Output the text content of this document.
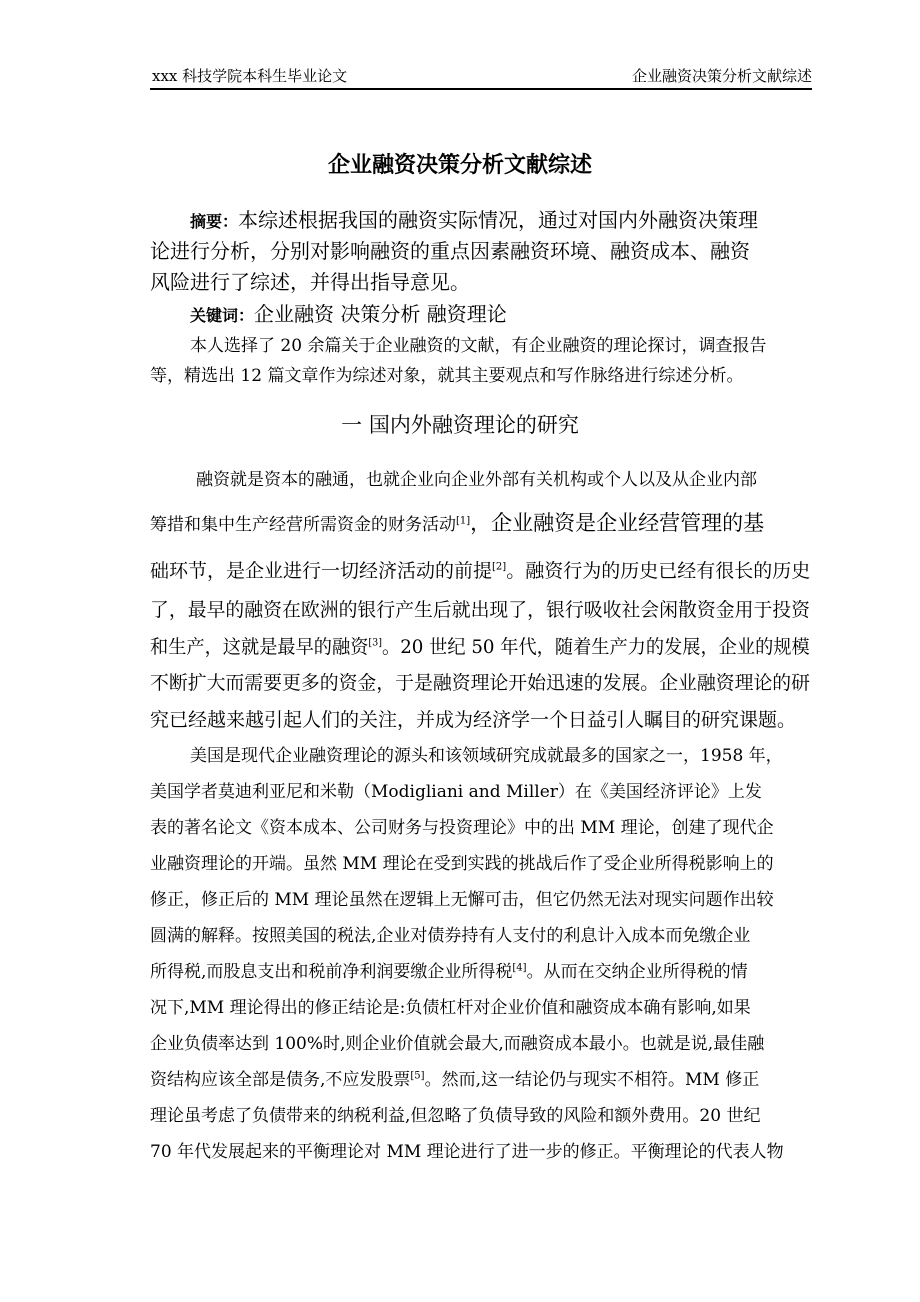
xxx 科技学院本科生毕业论文	企业融资决策分析文献综述
企业融资决策分析文献综述
摘要：本综述根据我国的融资实际情况，通过对国内外融资决策理
论进行分析，分别对影响融资的重点因素融资环境、融资成本、融资
风险进行了综述，并得出指导意见。
关键词：企业融资 决策分析 融资理论
本人选择了 20 余篇关于企业融资的文献，有企业融资的理论探讨，调查报告
等，精选出 12 篇文章作为综述对象，就其主要观点和写作脉络进行综述分析。
一 国内外融资理论的研究
融资就是资本的融通，也就企业向企业外部有关机构或个人以及从企业内部
筹措和集中生产经营所需资金的财务活动[1]，企业融资是企业经营管理的基
础环节，是企业进行一切经济活动的前提[2]。融资行为的历史已经有很长的历史
了，最早的融资在欧洲的银行产生后就出现了，银行吸收社会闲散资金用于投资
和生产，这就是最早的融资[3]。20 世纪 50 年代，随着生产力的发展，企业的规模
不断扩大而需要更多的资金，于是融资理论开始迅速的发展。企业融资理论的研
究已经越来越引起人们的关注，并成为经济学一个日益引人瞩目的研究课题。
美国是现代企业融资理论的源头和该领域研究成就最多的国家之一，1958 年，
美国学者莫迪利亚尼和米勒（Modigliani and Miller）在《美国经济评论》上发
表的著名论文《资本成本、公司财务与投资理论》中的出 MM 理论，创建了现代企
业融资理论的开端。虽然 MM 理论在受到实践的挑战后作了受企业所得税影响上的
修正，修正后的 MM 理论虽然在逻辑上无懈可击，但它仍然无法对现实问题作出较
圆满的解释。按照美国的税法,企业对债券持有人支付的利息计入成本而免缴企业
所得税,而股息支出和税前净利润要缴企业所得税[4]。从而在交纳企业所得税的情
况下,MM 理论得出的修正结论是:负债杠杆对企业价值和融资成本确有影响,如果
企业负债率达到 100%时,则企业价值就会最大,而融资成本最小。也就是说,最佳融
资结构应该全部是债务,不应发股票[5]。然而,这一结论仍与现实不相符。MM 修正
理论虽考虑了负债带来的纳税利益,但忽略了负债导致的风险和额外费用。20 世纪
70 年代发展起来的平衡理论对 MM 理论进行了进一步的修正。平衡理论的代表人物
